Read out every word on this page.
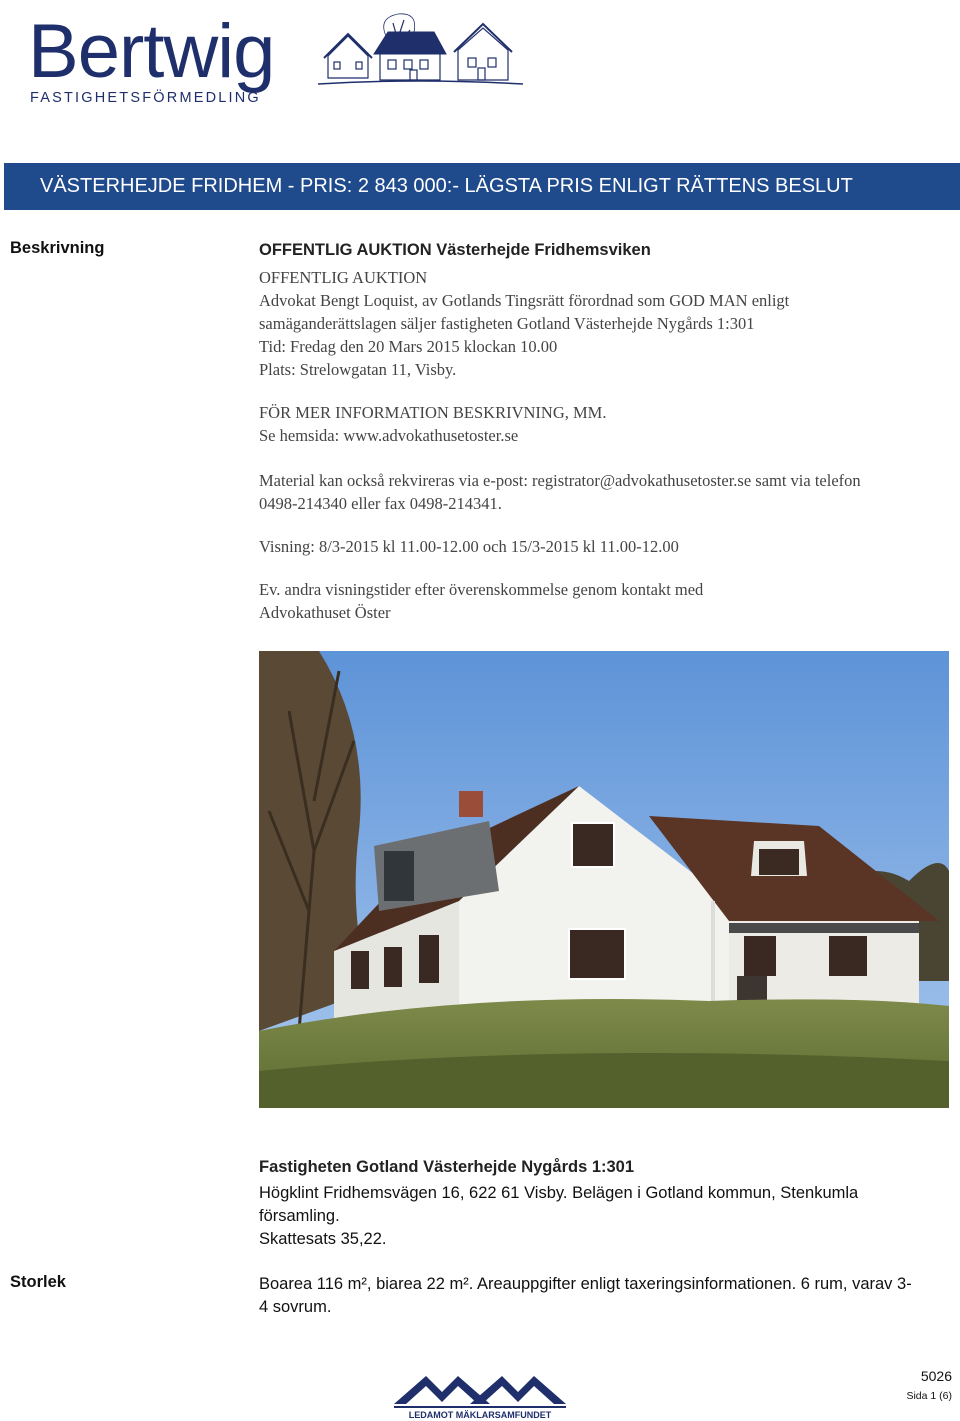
Bertwig
FASTIGHETSFÖRMEDLING
VÄSTERHEJDE FRIDHEM - PRIS: 2 843 000:- LÄGSTA PRIS ENLIGT RÄTTENS BESLUT
Beskrivning	OFFENTLIG AUKTION Västerhejde Fridhemsviken
OFFENTLIG AUKTION
Advokat Bengt Loquist, av Gotlands Tingsrätt förordnad som GOD MAN enligt
samäganderättslagen säljer fastigheten Gotland Västerhejde Nygårds 1:301
Tid: Fredag den 20 Mars 2015 klockan 10.00
Plats: Strelowgatan 11, Visby.
FÖR MER INFORMATION BESKRIVNING, MM.
Se hemsida: www.advokathusetoster.se
Material kan också rekvireras via e-post: registrator@advokathusetoster.se samt via telefon
0498-214340 eller fax 0498-214341.
Visning: 8/3-2015 kl 11.00-12.00 och 15/3-2015 kl 11.00-12.00
Ev. andra visningstider efter överenskommelse genom kontakt med
Advokathuset Öster
Fastigheten Gotland Västerhejde Nygårds 1:301
Högklint Fridhemsvägen 16, 622 61 Visby. Belägen i Gotland kommun, Stenkumla
församling.
Skattesats 35,22.
Storlek	Boarea 116 m², biarea 22 m². Areauppgifter enligt taxeringsinformationen. 6 rum, varav 3-
4 sovrum.
LEDAMOT MÄKLARSAMFUNDET
5026
Sida 1 (6)
